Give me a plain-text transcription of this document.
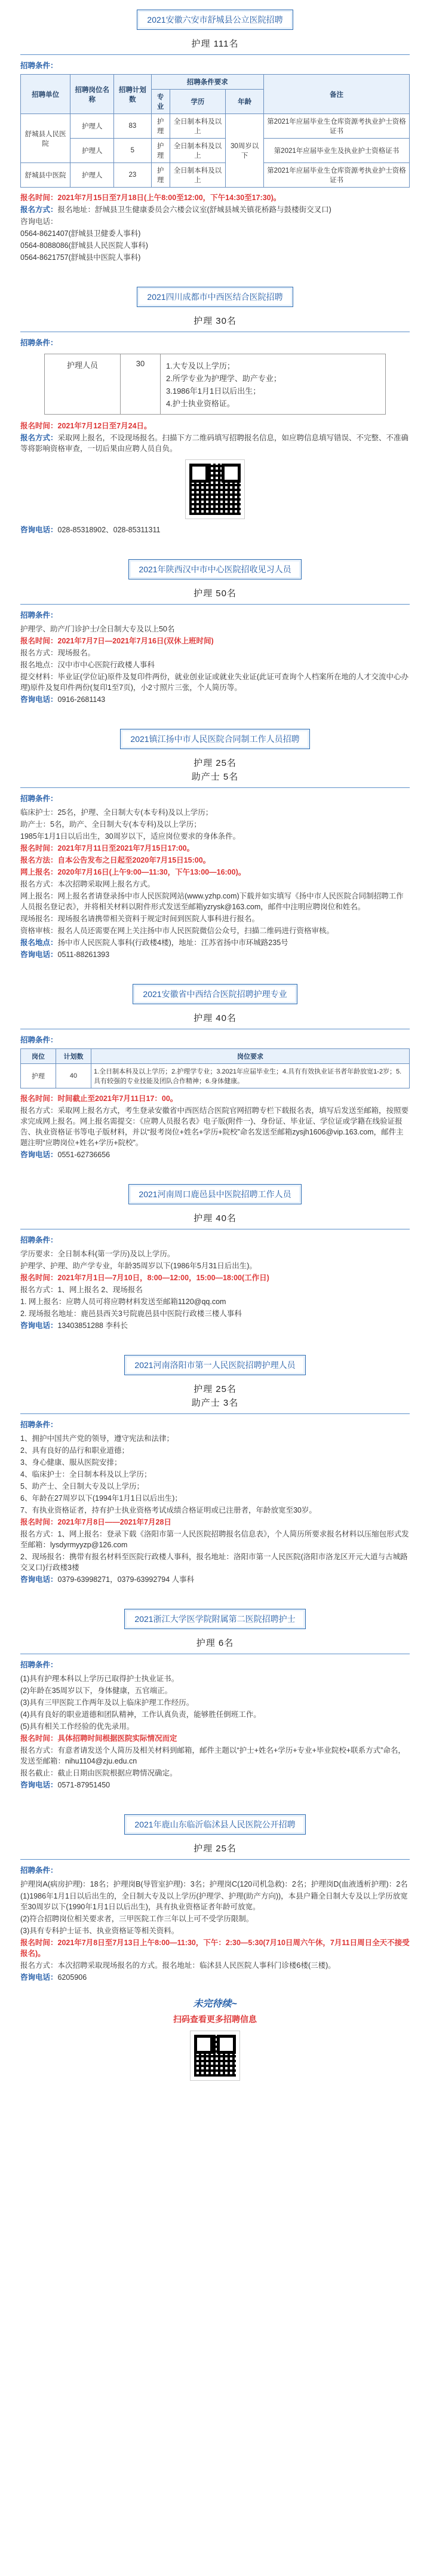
2021安徽六安市舒城县公立医院招聘
护理 111名
招聘条件：
招聘单位	招聘岗位名称	招聘计划数	招聘条件要求			备注
			专业	学历	年龄	
舒城县人民医院	护理人	83	护理	全日制本科及以上	30周岁以下	第2021年应届毕业生仓库资源考执业护士资格证书
	护理人	5	护理	全日制本科及以上		第2021年应届毕业生及执业护士资格证书
舒城县中医院	护理人	23	护理	全日制本科及以上		第2021年应届毕业生仓库资源考执业护士资格证书

报名时间：2021年7月15日至7月18日(上午8:00至12:00，下午14:30至17:30)。

报名方式：报名地址：舒城县卫生健康委员会六楼会议室(舒城县城关镇花桥路与鼓楼街交叉口)

咨询电话：

0564-8621407(舒城县卫健委人事科)

0564-8088086(舒城县人民医院人事科)

0564-8621757(舒城县中医院人事科)

2021四川成都市中西医结合医院招聘
护理 30名
招聘条件：
护理人员	30	1.大专及以上学历；
2.所学专业为护理学、助产专业；
3.1986年1月1日以后出生；
4.护士执业资格证。

报名时间：2021年7月12日至7月24日。

报名方式：采取网上报名，不设现场报名。扫描下方二维码填写招聘报名信息，如应聘信息填写错误、不完整、不准确等将影响资格审查，一切后果由应聘人员自负。

咨询电话：028-85318902、028-85311311

2021年陕西汉中市中心医院招收见习人员
护理 50名
招聘条件：

护理学、助产/门诊护士/全日制大专及以上50名

报名时间：2021年7月7日—2021年7月16日(双休上班时间)

报名方式：现场报名。

报名地点：汉中市中心医院行政楼人事科

提交材料：毕业证(学位证)原件及复印件两份，就业创业证或就业失业证(此证可查询个人档案所在地的人才交流中心办理)原件及复印件两份(复印1至7页)，小2寸照片三张，个人简历等。

咨询电话：0916-2681143

2021镇江扬中市人民医院合同制工作人员招聘
护理 25名
助产士 5名
招聘条件：

临床护士：25名，护理、全日制大专(本专科)及以上学历；

助产士：5名，助产、全日制大专(本专科)及以上学历；

1985年1月1日以后出生，30周岁以下，适应岗位要求的身体条件。

报名时间：2021年7月11日至2021年7月15日17:00。

报名方法：自本公告发布之日起至2020年7月15日15:00。

网上报名：2020年7月16日(上午9:00—11:30，下午13:00—16:00)。

报名方式：本次招聘采取网上报名方式。

网上报名：网上报名者请登录扬中市人民医院网站(www.yzhp.com)下载并如实填写《扬中市人民医院合同制招聘工作人员报名登记表》，并将相关材料以附件形式发送至邮箱yzrysk@163.com，邮件中注明应聘岗位和姓名。

现场报名：现场报名请携带相关资料于规定时间到医院人事科进行报名。

资格审核：报名人员还需要在网上关注扬中市人民医院微信公众号，扫描二维码进行资格审核。

报名地点：扬中市人民医院人事科(行政楼4楼)，地址：江苏省扬中市环城路235号

咨询电话：0511-88261393

2021安徽省中西结合医院招聘护理专业
护理 40名
招聘条件：
岗位	计划数	岗位要求
护理	40	1.全日制本科及以上学历；2.护理学专业；3.2021年应届毕业生；4.具有有效执业证书者年龄放宽1-2岁；5.具有较强的专业技能及团队合作精神；6.身体健康。

报名时间：时间截止至2021年7月11日17：00。

报名方式：采取网上报名方式，考生登录安徽省中西医结合医院官网招聘专栏下载报名表，填写后发送至邮箱，按照要求完成网上报名。网上报名需提交：《应聘人员报名表》电子版(附件一)、身份证、毕业证、学位证或学籍在线验证报告、执业资格证书等电子版材料，并以“报考岗位+姓名+学历+院校”命名发送至邮箱zysjh1606@vip.163.com，邮件主题注明“应聘岗位+姓名+学历+院校”。

咨询电话：0551-62736656

2021河南周口鹿邑县中医院招聘工作人员
护理 40名
招聘条件：

学历要求：全日制本科(第一学历)及以上学历。

护理学、护理、助产学专业，年龄35周岁以下(1986年5月31日后出生)。

报名时间：2021年7月1日—7月10日，8:00—12:00，15:00—18:00(工作日)

报名方式：1、网上报名 2、现场报名

1. 网上报名：应聘人员可将应聘材料发送至邮箱1120@qq.com

2. 现场报名地址：鹿邑县西关3号院鹿邑县中医院行政楼三楼人事科

咨询电话：13403851288 李科长

2021河南洛阳市第一人民医院招聘护理人员
护理 25名
助产士 3名
招聘条件：

1、拥护中国共产党的领导，遵守宪法和法律；

2、具有良好的品行和职业道德；

3、身心健康、服从医院安排；

4、临床护士：全日制本科及以上学历；

5、助产士、全日制大专及以上学历；

6、年龄在27周岁以下(1994年1月1日以后出生)；

7、有执业资格证者，持有护士执业资格考试成绩合格证明或已注册者，年龄放宽至30岁。

报名时间：2021年7月8日——2021年7月28日

报名方式：1、网上报名：登录下载《洛阳市第一人民医院招聘报名信息表》，个人简历所要求报名材料以压缩包形式发至邮箱：lysdyrmyyzp@126.com

2、现场报名：携带有报名材料至医院行政楼人事科，报名地址：洛阳市第一人民医院(洛阳市洛龙区开元大道与古城路交叉口)行政楼3楼

咨询电话：0379-63998271，0379-63992794 人事科

2021浙江大学医学院附属第二医院招聘护士
护理 6名
招聘条件：

(1)具有护理本科以上学历已取得护士执业证书。

(2)年龄在35周岁以下，身体健康，五官端正。

(3)具有三甲医院工作两年及以上临床护理工作经历。

(4)具有良好的职业道德和团队精神，工作认真负责，能够胜任倒班工作。

(5)具有相关工作经验的优先录用。

报名时间：具体招聘时间根据医院实际情况而定

报名方式：有意者请发送个人简历及相关材料到邮箱，邮件主题以“护士+姓名+学历+专业+毕业院校+联系方式”命名，发送至邮箱：nihu1104@zju.edu.cn

报名截止：截止日期由医院根据应聘情况确定。

咨询电话：0571-87951450

2021年鹿山东临沂临沭县人民医院公开招聘
护理 25名
招聘条件：

护理岗A(病房护理)：18名；护理岗B(导管室护理)：3名；护理岗C(120司机急救)：2名；护理岗D(血液透析护理)：2名

(1)1986年1月1日以后出生的，全日制大专及以上学历(护理学、护理(助产方向))，本县户籍全日制大专及以上学历放宽至30周岁以下(1990年1月1日以后出生)，具有执业资格证者年龄可放宽。

(2)符合招聘岗位相关要求者，三甲医院工作三年以上可不受学历限制。

(3)具有专科护士证书、执业资格证等相关资料。

报名时间：2021年7月8日至7月13日上午8:00—11:30，下午：2:30—5:30(7月10日周六午休，7月11日周日全天不接受报名)。

报名方式：本次招聘采取现场报名的方式。报名地址：临沭县人民医院人事科门诊楼6楼(三楼)。

咨询电话：6205906

未完待续~
扫码查看更多招聘信息
